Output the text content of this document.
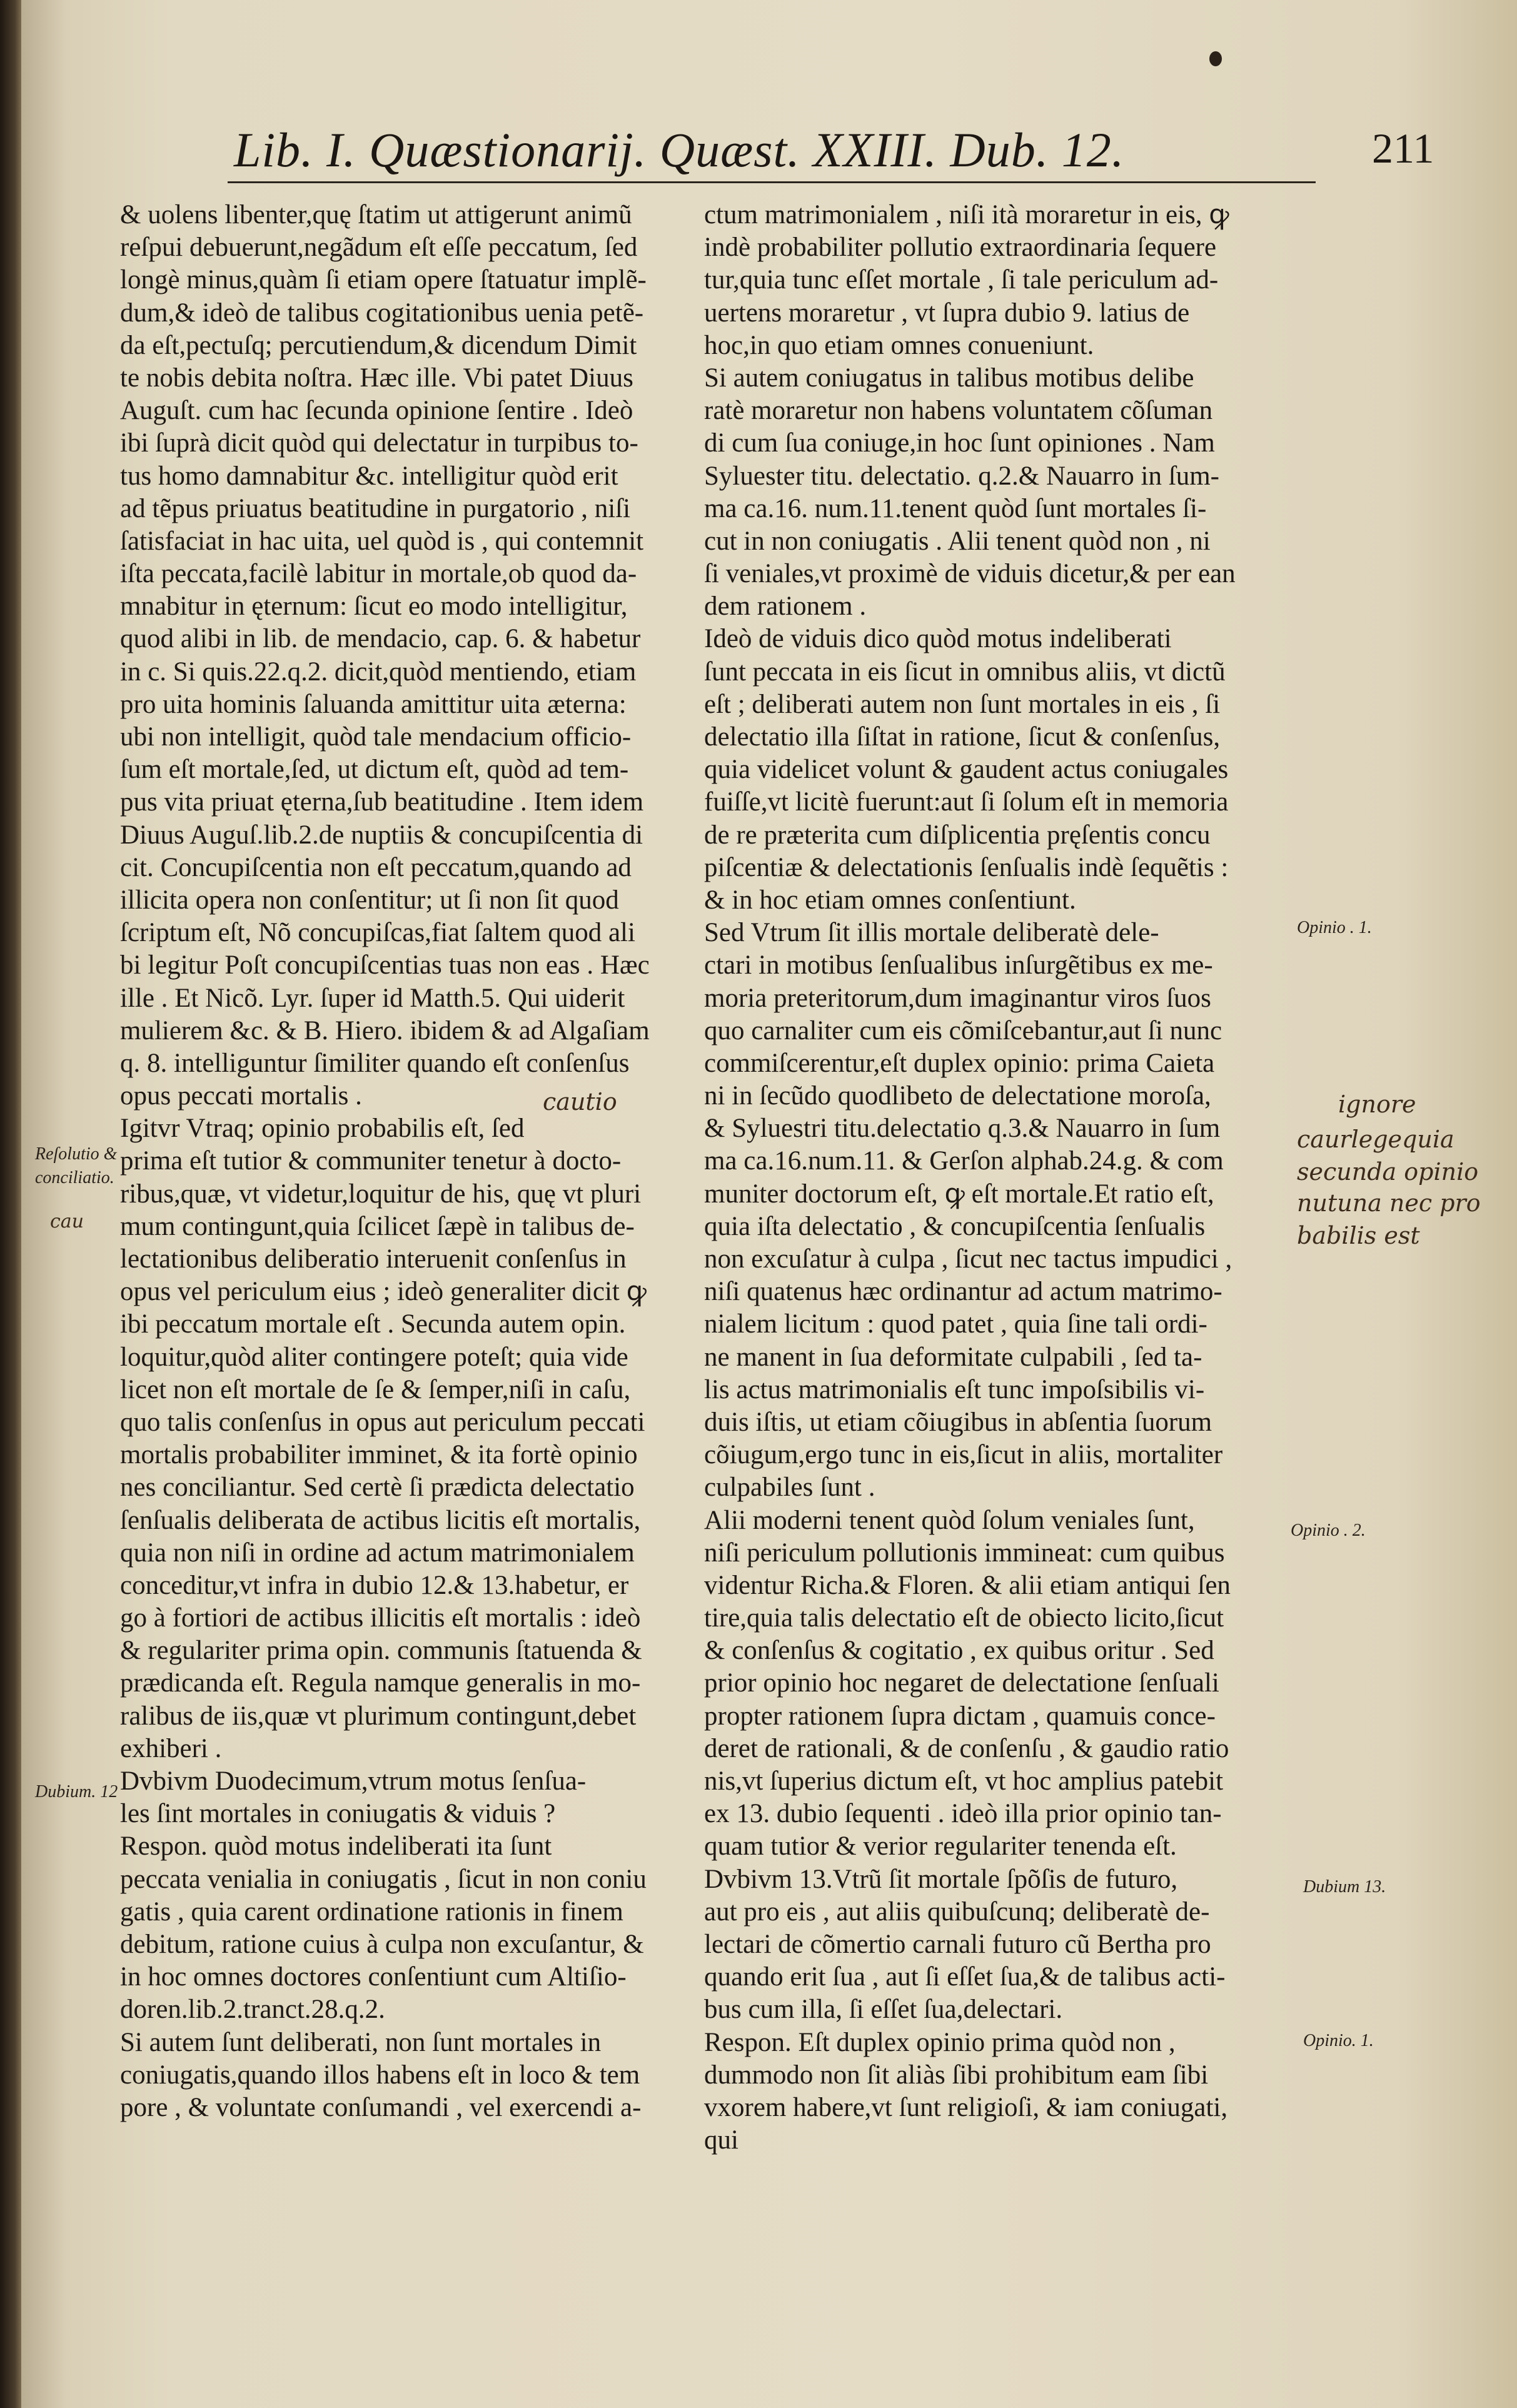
Lib. I. Quæstionarij. Quæst. XXIII. Dub. 12.	211
& uolens libenter,quę ſtatim ut attigerunt animũ
reſpui debuerunt,negãdum eſt eſſe peccatum, ſed
longè minus,quàm ſi etiam opere ſtatuatur implẽ-
dum,& ideò de talibus cogitationibus uenia petẽ-
da eſt,pectuſq; percutiendum,& dicendum Dimit
te nobis debita noſtra. Hæc ille. Vbi patet Diuus
Auguſt. cum hac ſecunda opinione ſentire . Ideò
ibi ſuprà dicit quòd qui delectatur in turpibus to-
tus homo damnabitur &c. intelligitur quòd erit
ad tẽpus priuatus beatitudine in purgatorio , niſi
ſatisfaciat in hac uita, uel quòd is , qui contemnit
iſta peccata,facilè labitur in mortale,ob quod da-
mnabitur in ęternum: ſicut eo modo intelligitur,
quod alibi in lib. de mendacio, cap. 6. & habetur
in c. Si quis.22.q.2. dicit,quòd mentiendo, etiam
pro uita hominis ſaluanda amittitur uita æterna:
ubi non intelligit, quòd tale mendacium officio-
ſum eſt mortale,ſed, ut dictum eſt, quòd ad tem-
pus vita priuat ęterna,ſub beatitudine . Item idem
Diuus Auguſ.lib.2.de nuptiis & concupiſcentia di
cit. Concupiſcentia non eſt peccatum,quando ad
illicita opera non conſentitur; ut ſi non ſit quod
ſcriptum eſt, Nõ concupiſcas,fiat ſaltem quod ali
bi legitur Poſt concupiſcentias tuas non eas . Hæc
ille . Et Nicõ. Lyr. ſuper id Matth.5. Qui uiderit
mulierem &c. & B. Hiero. ibidem & ad Algaſiam
q. 8. intelliguntur ſimiliter quando eſt conſenſus
opus peccati mortalis .
Igitvr Vtraq; opinio probabilis eſt, ſed
prima eſt tutior & communiter tenetur à docto-
ribus,quæ, vt videtur,loquitur de his, quę vt pluri
mum contingunt,quia ſcilicet ſæpè in talibus de-
lectationibus deliberatio interuenit conſenſus in
opus vel periculum eius ; ideò generaliter dicit ꝙ
ibi peccatum mortale eſt . Secunda autem opin.
loquitur,quòd aliter contingere poteſt; quia vide
licet non eſt mortale de ſe & ſemper,niſi in caſu,
quo talis conſenſus in opus aut periculum peccati
mortalis probabiliter imminet, & ita fortè opinio
nes conciliantur. Sed certè ſi prædicta delectatio
ſenſualis deliberata de actibus licitis eſt mortalis,
quia non niſi in ordine ad actum matrimonialem
conceditur,vt infra in dubio 12.& 13.habetur, er
go à fortiori de actibus illicitis eſt mortalis : ideò
& regulariter prima opin. communis ſtatuenda &
prædicanda eſt. Regula namque generalis in mo-
ralibus de iis,quæ vt plurimum contingunt,debet
exhiberi .
Dvbivm Duodecimum,vtrum motus ſenſua-
les ſint mortales in coniugatis & viduis ?
Respon. quòd motus indeliberati ita ſunt
peccata venialia in coniugatis , ſicut in non coniu
gatis , quia carent ordinatione rationis in finem
debitum, ratione cuius à culpa non excuſantur, &
in hoc omnes doctores conſentiunt cum Altiſio-
doren.lib.2.tranct.28.q.2.
Si autem ſunt deliberati, non ſunt mortales in
coniugatis,quando illos habens eſt in loco & tem
pore , & voluntate conſumandi , vel exercendi a-
ctum matrimonialem , niſi ità moraretur in eis, ꝙ
indè probabiliter pollutio extraordinaria ſequere
tur,quia tunc eſſet mortale , ſi tale periculum ad-
uertens moraretur , vt ſupra dubio 9. latius de
hoc,in quo etiam omnes conueniunt.
Si autem coniugatus in talibus motibus delibe
ratè moraretur non habens voluntatem cõſuman
di cum ſua coniuge,in hoc ſunt opiniones . Nam
Syluester titu. delectatio. q.2.& Nauarro in ſum-
ma ca.16. num.11.tenent quòd ſunt mortales ſi-
cut in non coniugatis . Alii tenent quòd non , ni
ſi veniales,vt proximè de viduis dicetur,& per ean
dem rationem .
Ideò de viduis dico quòd motus indeliberati
ſunt peccata in eis ſicut in omnibus aliis, vt dictũ
eſt ; deliberati autem non ſunt mortales in eis , ſi
delectatio illa ſiſtat in ratione, ſicut & conſenſus,
quia videlicet volunt & gaudent actus coniugales
fuiſſe,vt licitè fuerunt:aut ſi ſolum eſt in memoria
de re præterita cum diſplicentia pręſentis concu
piſcentiæ & delectationis ſenſualis indè ſequẽtis :
& in hoc etiam omnes conſentiunt.
Sed Vtrum ſit illis mortale deliberatè dele-
ctari in motibus ſenſualibus inſurgẽtibus ex me-
moria preteritorum,dum imaginantur viros ſuos
quo carnaliter cum eis cõmiſcebantur,aut ſi nunc
commiſcerentur,eſt duplex opinio: prima Caieta
ni in ſecũdo quodlibeto de delectatione moroſa,
& Syluestri titu.delectatio q.3.& Nauarro in ſum
ma ca.16.num.11. & Gerſon alphab.24.g. & com
muniter doctorum eſt, ꝙ eſt mortale.Et ratio eſt,
quia iſta delectatio , & concupiſcentia ſenſualis
non excuſatur à culpa , ſicut nec tactus impudici ,
niſi quatenus hæc ordinantur ad actum matrimo-
nialem licitum : quod patet , quia ſine tali ordi-
ne manent in ſua deformitate culpabili , ſed ta-
lis actus matrimonialis eſt tunc impoſsibilis vi-
duis iſtis, ut etiam cõiugibus in abſentia ſuorum
cõiugum,ergo tunc in eis,ſicut in aliis, mortaliter
culpabiles ſunt .
Alii moderni tenent quòd ſolum veniales ſunt,
niſi periculum pollutionis immineat: cum quibus
videntur Richa.& Floren. & alii etiam antiqui ſen
tire,quia talis delectatio eſt de obiecto licito,ſicut
& conſenſus & cogitatio , ex quibus oritur . Sed
prior opinio hoc negaret de delectatione ſenſuali
propter rationem ſupra dictam , quamuis conce-
deret de rationali, & de conſenſu , & gaudio ratio
nis,vt ſuperius dictum eſt, vt hoc amplius patebit
ex 13. dubio ſequenti . ideò illa prior opinio tan-
quam tutior & verior regulariter tenenda eſt.
Dvbivm 13.Vtrũ ſit mortale ſpõſis de futuro,
aut pro eis , aut aliis quibuſcunq; deliberatè de-
lectari de cõmertio carnali futuro cũ Bertha pro
quando erit ſua , aut ſi eſſet ſua,& de talibus acti-
bus cum illa, ſi eſſet ſua,delectari.
Respon. Eſt duplex opinio prima quòd non ,
dummodo non ſit aliàs ſibi prohibitum eam ſibi
vxorem habere,vt ſunt religioſi, & iam coniugati,
qui
Reſolutio &
conciliatio.
Dubium. 12
Opinio . 1.
Opinio . 2.
Dubium 13.
Opinio. 1.
cautio
cau
ignore
caurlegequia
secunda opinio
nutuna nec pro
babilis est
